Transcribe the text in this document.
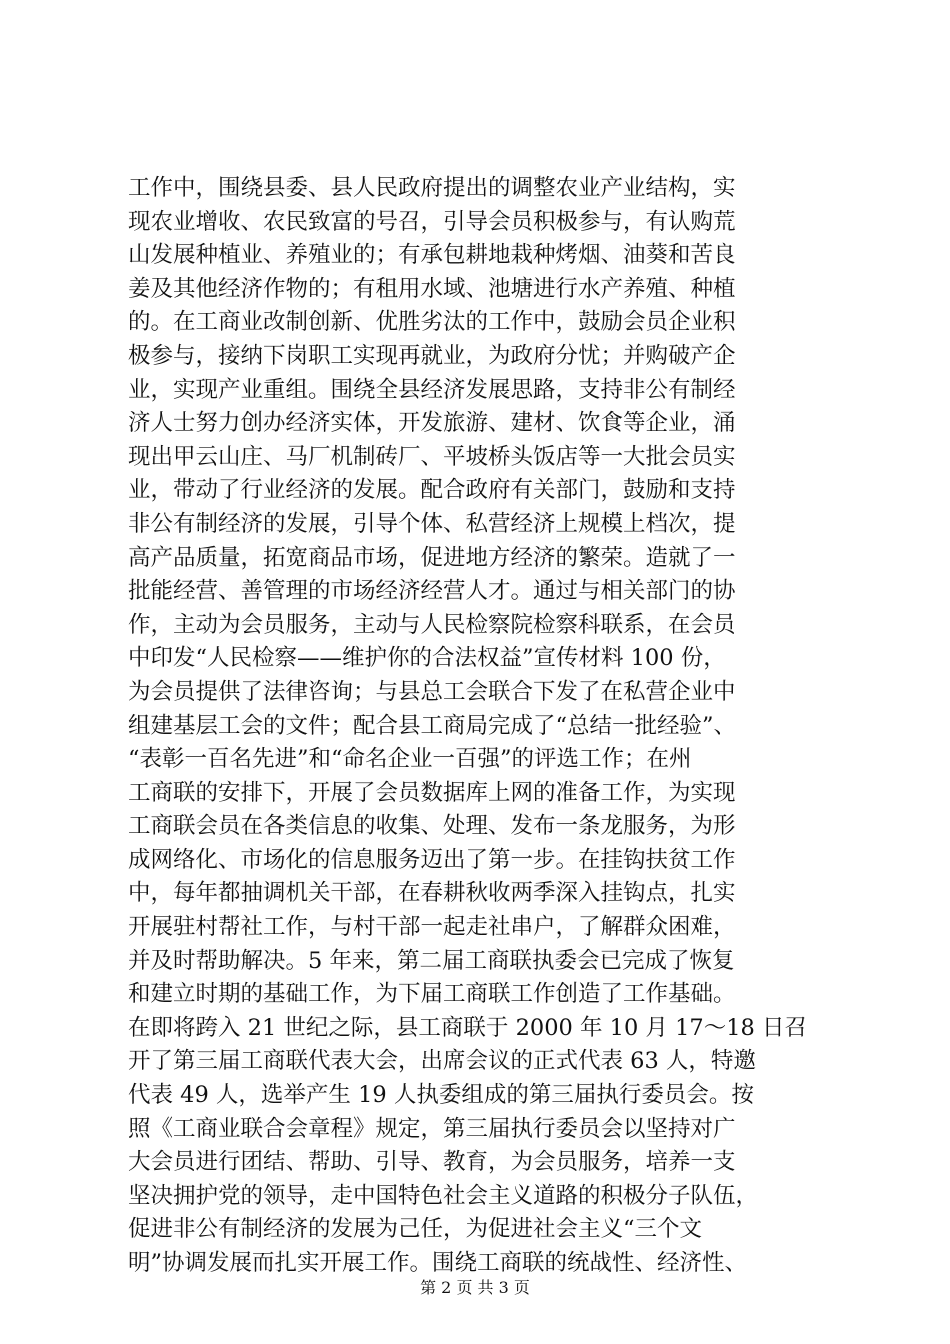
工作中，围绕县委、县人民政府提出的调整农业产业结构，实
现农业增收、农民致富的号召，引导会员积极参与，有认购荒
山发展种植业、养殖业的；有承包耕地栽种烤烟、油葵和苦良
姜及其他经济作物的；有租用水域、池塘进行水产养殖、种植
的。在工商业改制创新、优胜劣汰的工作中，鼓励会员企业积
极参与，接纳下岗职工实现再就业，为政府分忧；并购破产企
业，实现产业重组。围绕全县经济发展思路，支持非公有制经
济人士努力创办经济实体，开发旅游、建材、饮食等企业，涌
现出甲云山庄、马厂机制砖厂、平坡桥头饭店等一大批会员实
业，带动了行业经济的发展。配合政府有关部门，鼓励和支持
非公有制经济的发展，引导个体、私营经济上规模上档次，提
高产品质量，拓宽商品市场，促进地方经济的繁荣。造就了一
批能经营、善管理的市场经济经营人才。通过与相关部门的协
作，主动为会员服务，主动与人民检察院检察科联系，在会员
中印发“人民检察——维护你的合法权益”宣传材料 100 份，
为会员提供了法律咨询；与县总工会联合下发了在私营企业中
组建基层工会的文件；配合县工商局完成了“总结一批经验”、
“表彰一百名先进”和“命名企业一百强”的评选工作；在州
工商联的安排下，开展了会员数据库上网的准备工作，为实现
工商联会员在各类信息的收集、处理、发布一条龙服务，为形
成网络化、市场化的信息服务迈出了第一步。在挂钩扶贫工作
中，每年都抽调机关干部，在春耕秋收两季深入挂钩点，扎实
开展驻村帮社工作，与村干部一起走社串户，了解群众困难，
并及时帮助解决。5 年来，第二届工商联执委会已完成了恢复
和建立时期的基础工作，为下届工商联工作创造了工作基础。
在即将跨入 21 世纪之际，县工商联于 2000 年 10 月 17～18 日召
开了第三届工商联代表大会，出席会议的正式代表 63 人，特邀
代表 49 人，选举产生 19 人执委组成的第三届执行委员会。按
照《工商业联合会章程》规定，第三届执行委员会以坚持对广
大会员进行团结、帮助、引导、教育，为会员服务，培养一支
坚决拥护党的领导，走中国特色社会主义道路的积极分子队伍，
促进非公有制经济的发展为己任，为促进社会主义“三个文
明”协调发展而扎实开展工作。围绕工商联的统战性、经济性、
第 2 页 共 3 页
